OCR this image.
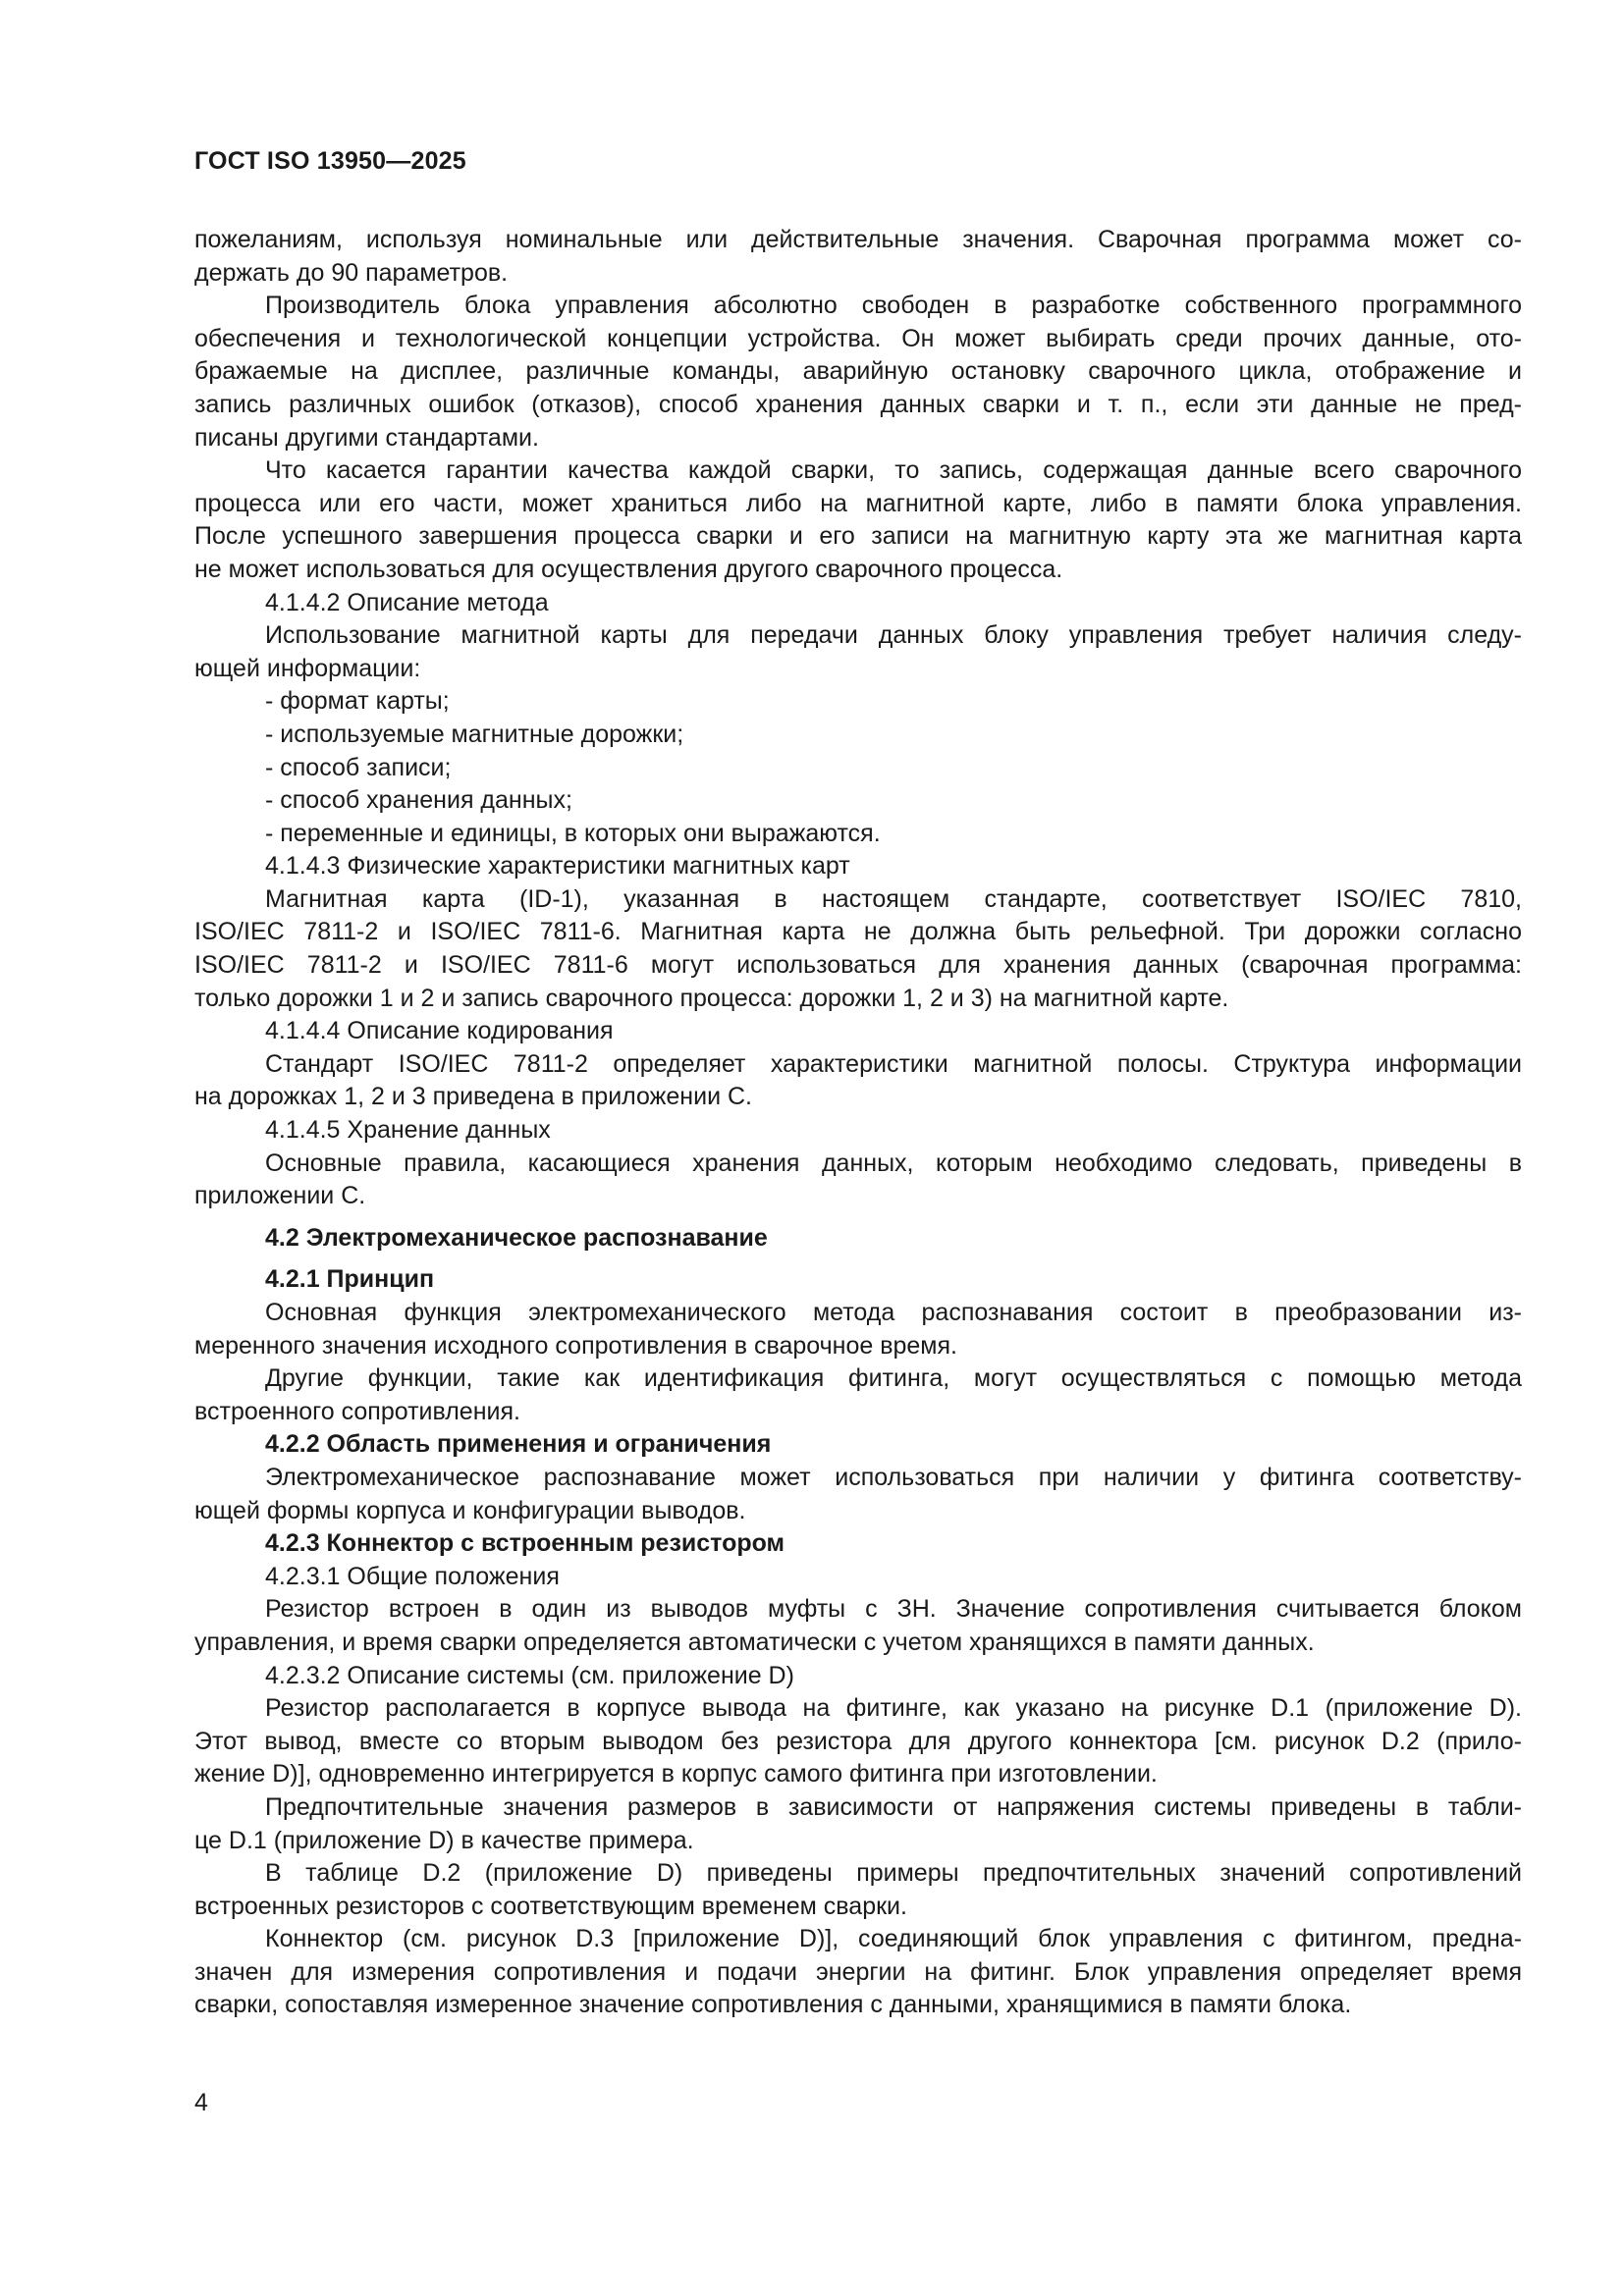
ГОСТ ISO 13950—2025
пожеланиям, используя номинальные или действительные значения. Сварочная программа может со-
держать до 90 параметров.
Производитель блока управления абсолютно свободен в разработке собственного программного
обеспечения и технологической концепции устройства. Он может выбирать среди прочих данные, ото-
бражаемые на дисплее, различные команды, аварийную остановку сварочного цикла, отображение и
запись различных ошибок (отказов), способ хранения данных сварки и т. п., если эти данные не пред-
писаны другими стандартами.
Что касается гарантии качества каждой сварки, то запись, содержащая данные всего сварочного
процесса или его части, может храниться либо на магнитной карте, либо в памяти блока управления.
После успешного завершения процесса сварки и его записи на магнитную карту эта же магнитная карта
не может использоваться для осуществления другого сварочного процесса.
4.1.4.2 Описание метода
Использование магнитной карты для передачи данных блоку управления требует наличия следу-
ющей информации:
- формат карты;
- используемые магнитные дорожки;
- способ записи;
- способ хранения данных;
- переменные и единицы, в которых они выражаются.
4.1.4.3 Физические характеристики магнитных карт
Магнитная карта (ID-1), указанная в настоящем стандарте, соответствует ISO/IEC 7810,
ISO/IEC 7811-2 и ISO/IEC 7811-6. Магнитная карта не должна быть рельефной. Три дорожки согласно
ISO/IEC 7811-2 и ISO/IEC 7811-6 могут использоваться для хранения данных (сварочная программа:
только дорожки 1 и 2 и запись сварочного процесса: дорожки 1, 2 и 3) на магнитной карте.
4.1.4.4 Описание кодирования
Стандарт ISO/IEC 7811-2 определяет характеристики магнитной полосы. Структура информации
на дорожках 1, 2 и 3 приведена в приложении С.
4.1.4.5 Хранение данных
Основные правила, касающиеся хранения данных, которым необходимо следовать, приведены в
приложении С.
4.2 Электромеханическое распознавание
4.2.1 Принцип
Основная функция электромеханического метода распознавания состоит в преобразовании из-
меренного значения исходного сопротивления в сварочное время.
Другие функции, такие как идентификация фитинга, могут осуществляться с помощью метода
встроенного сопротивления.
4.2.2 Область применения и ограничения
Электромеханическое распознавание может использоваться при наличии у фитинга соответству-
ющей формы корпуса и конфигурации выводов.
4.2.3 Коннектор с встроенным резистором
4.2.3.1 Общие положения
Резистор встроен в один из выводов муфты с ЗН. Значение сопротивления считывается блоком
управления, и время сварки определяется автоматически с учетом хранящихся в памяти данных.
4.2.3.2 Описание системы (см. приложение D)
Резистор располагается в корпусе вывода на фитинге, как указано на рисунке D.1 (приложение D).
Этот вывод, вместе со вторым выводом без резистора для другого коннектора [см. рисунок D.2 (прило-
жение D)], одновременно интегрируется в корпус самого фитинга при изготовлении.
Предпочтительные значения размеров в зависимости от напряжения системы приведены в табли-
це D.1 (приложение D) в качестве примера.
В таблице D.2 (приложение D) приведены примеры предпочтительных значений сопротивлений
встроенных резисторов с соответствующим временем сварки.
Коннектор (см. рисунок D.3 [приложение D)], соединяющий блок управления с фитингом, предна-
значен для измерения сопротивления и подачи энергии на фитинг. Блок управления определяет время
сварки, сопоставляя измеренное значение сопротивления с данными, хранящимися в памяти блока.
4
